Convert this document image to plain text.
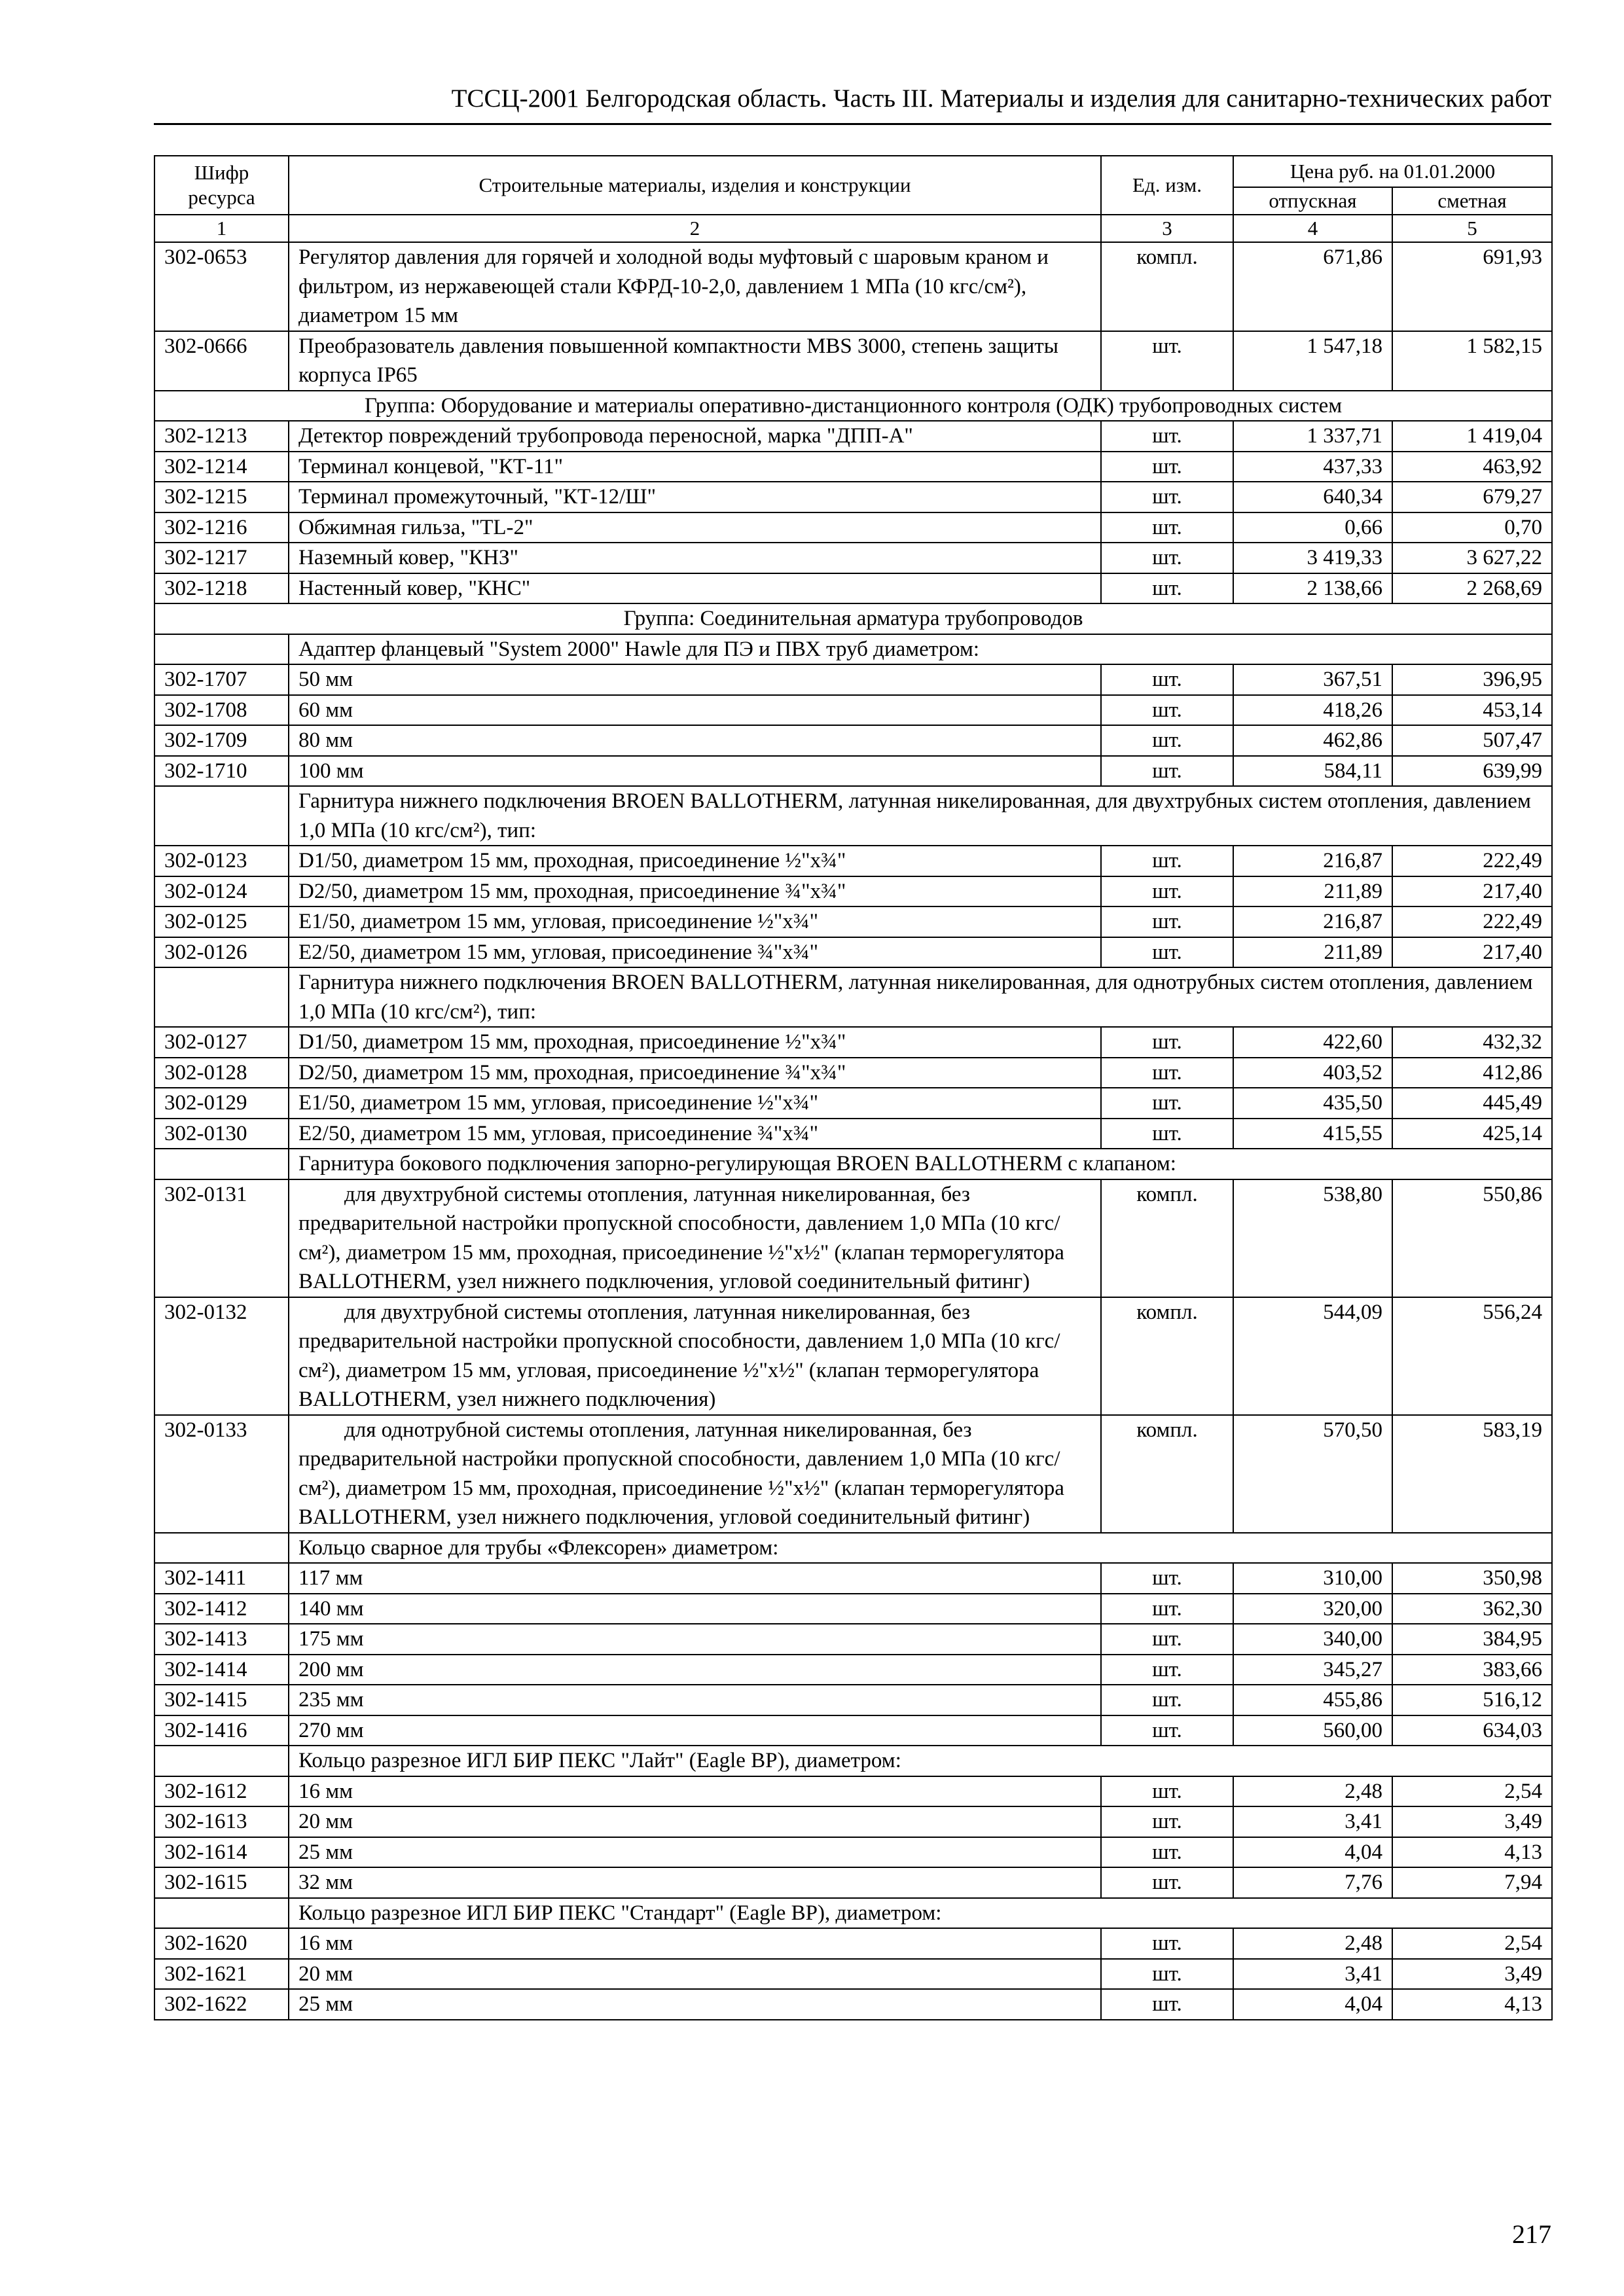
ТССЦ-2001 Белгородская область. Часть III. Материалы и изделия для санитарно-технических работ
Шифр ресурса	Строительные материалы, изделия и конструкции	Ед. изм.	Цена руб. на 01.01.2000	
			отпускная	сметная
1	2	3	4	5
302-0653	Регулятор давления для горячей и холодной воды муфтовый с шаровым краном и фильтром, из нержавеющей стали КФРД-10-2,0, давлением 1 МПа (10 кгс/см²), диаметром 15 мм	компл.	671,86	691,93
302-0666	Преобразователь давления повышенной компактности MBS 3000, степень защиты корпуса IP65	шт.	1 547,18	1 582,15
Группа: Оборудование и материалы оперативно-дистанционного контроля (ОДК) трубопроводных систем				
302-1213	Детектор повреждений трубопровода переносной, марка "ДПП-А"	шт.	1 337,71	1 419,04
302-1214	Терминал концевой, "КТ-11"	шт.	437,33	463,92
302-1215	Терминал промежуточный, "КТ-12/Ш"	шт.	640,34	679,27
302-1216	Обжимная гильза, "TL-2"	шт.	0,66	0,70
302-1217	Наземный ковер, "КНЗ"	шт.	3 419,33	3 627,22
302-1218	Настенный ковер, "КНС"	шт.	2 138,66	2 268,69
Группа: Соединительная арматура трубопроводов				
	Адаптер фланцевый "System 2000" Hawle для ПЭ и ПВХ труб диаметром:			
302-1707	50 мм	шт.	367,51	396,95
302-1708	60 мм	шт.	418,26	453,14
302-1709	80 мм	шт.	462,86	507,47
302-1710	100 мм	шт.	584,11	639,99
	Гарнитура нижнего подключения BROEN BALLOTHERM, латунная никелированная, для двухтрубных систем отопления, давлением 1,0 МПа (10 кгс/см²), тип:			
302-0123	D1/50, диаметром 15 мм, проходная, присоединение ½"х¾"	шт.	216,87	222,49
302-0124	D2/50, диаметром 15 мм, проходная, присоединение ¾"х¾"	шт.	211,89	217,40
302-0125	E1/50, диаметром 15 мм, угловая, присоединение ½"х¾"	шт.	216,87	222,49
302-0126	E2/50, диаметром 15 мм, угловая, присоединение ¾"х¾"	шт.	211,89	217,40
	Гарнитура нижнего подключения BROEN BALLOTHERM, латунная никелированная, для однотрубных систем отопления, давлением 1,0 МПа (10 кгс/см²), тип:			
302-0127	D1/50, диаметром 15 мм, проходная, присоединение ½"х¾"	шт.	422,60	432,32
302-0128	D2/50, диаметром 15 мм, проходная, присоединение ¾"х¾"	шт.	403,52	412,86
302-0129	E1/50, диаметром 15 мм, угловая, присоединение ½"х¾"	шт.	435,50	445,49
302-0130	E2/50, диаметром 15 мм, угловая, присоединение ¾"х¾"	шт.	415,55	425,14
	Гарнитура бокового подключения запорно-регулирующая BROEN BALLOTHERM с клапаном:			
302-0131	для двухтрубной системы отопления, латунная никелированная, без предварительной настройки пропускной способности, давлением 1,0 МПа (10 кгс/см²), диаметром 15 мм, проходная, присоединение ½"х½" (клапан терморегулятора BALLOTHERM, узел нижнего подключения, угловой соединительный фитинг)	компл.	538,80	550,86
302-0132	для двухтрубной системы отопления, латунная никелированная, без предварительной настройки пропускной способности, давлением 1,0 МПа (10 кгс/см²), диаметром 15 мм, угловая, присоединение ½"х½" (клапан терморегулятора BALLOTHERM, узел нижнего подключения)	компл.	544,09	556,24
302-0133	для однотрубной системы отопления, латунная никелированная, без предварительной настройки пропускной способности, давлением 1,0 МПа (10 кгс/см²), диаметром 15 мм, проходная, присоединение ½"х½" (клапан терморегулятора BALLOTHERM, узел нижнего подключения, угловой соединительный фитинг)	компл.	570,50	583,19
	Кольцо сварное для трубы «Флексорен» диаметром:			
302-1411	117 мм	шт.	310,00	350,98
302-1412	140 мм	шт.	320,00	362,30
302-1413	175 мм	шт.	340,00	384,95
302-1414	200 мм	шт.	345,27	383,66
302-1415	235 мм	шт.	455,86	516,12
302-1416	270 мм	шт.	560,00	634,03
	Кольцо разрезное ИГЛ БИР ПЕКС "Лайт" (Eagle BP), диаметром:			
302-1612	16 мм	шт.	2,48	2,54
302-1613	20 мм	шт.	3,41	3,49
302-1614	25 мм	шт.	4,04	4,13
302-1615	32 мм	шт.	7,76	7,94
	Кольцо разрезное ИГЛ БИР ПЕКС "Стандарт" (Eagle BP), диаметром:			
302-1620	16 мм	шт.	2,48	2,54
302-1621	20 мм	шт.	3,41	3,49
302-1622	25 мм	шт.	4,04	4,13
217
